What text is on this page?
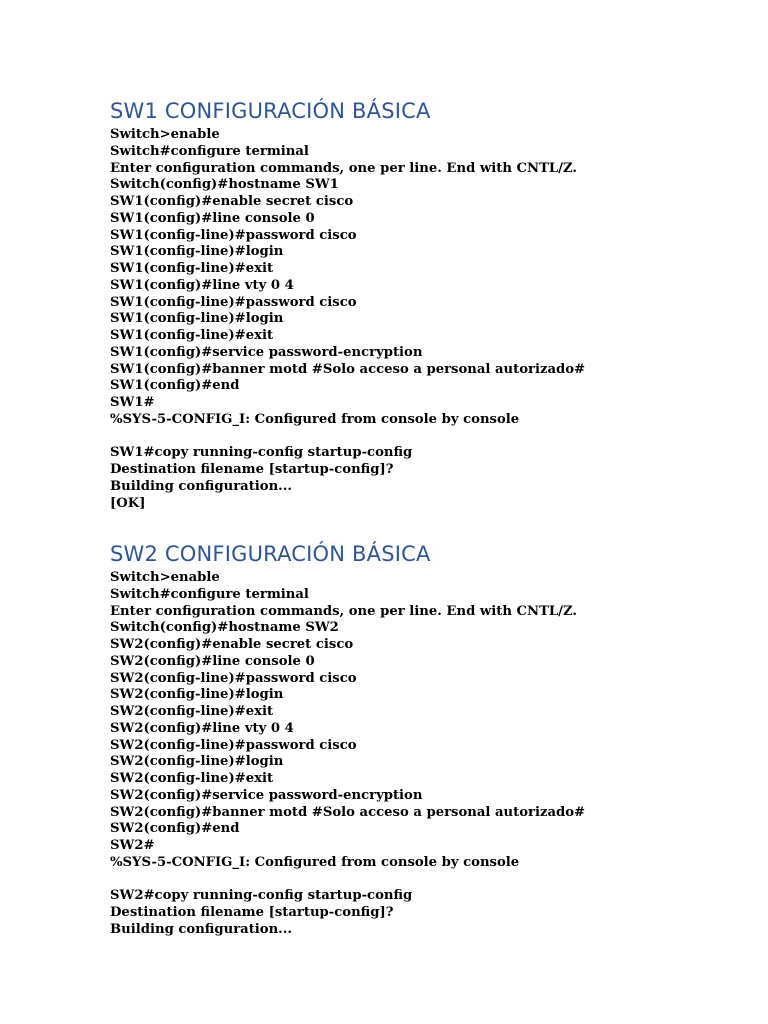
SW1 CONFIGURACIÓN BÁSICA
Switch>enable
Switch#configure terminal
Enter configuration commands, one per line. End with CNTL/Z.
Switch(config)#hostname SW1
SW1(config)#enable secret cisco
SW1(config)#line console 0
SW1(config-line)#password cisco
SW1(config-line)#login
SW1(config-line)#exit
SW1(config)#line vty 0 4
SW1(config-line)#password cisco
SW1(config-line)#login
SW1(config-line)#exit
SW1(config)#service password-encryption
SW1(config)#banner motd #Solo acceso a personal autorizado#
SW1(config)#end
SW1#
%SYS-5-CONFIG_I: Configured from console by console
SW1#copy running-config startup-config
Destination filename [startup-config]?
Building configuration...
[OK]
SW2 CONFIGURACIÓN BÁSICA
Switch>enable
Switch#configure terminal
Enter configuration commands, one per line. End with CNTL/Z.
Switch(config)#hostname SW2
SW2(config)#enable secret cisco
SW2(config)#line console 0
SW2(config-line)#password cisco
SW2(config-line)#login
SW2(config-line)#exit
SW2(config)#line vty 0 4
SW2(config-line)#password cisco
SW2(config-line)#login
SW2(config-line)#exit
SW2(config)#service password-encryption
SW2(config)#banner motd #Solo acceso a personal autorizado#
SW2(config)#end
SW2#
%SYS-5-CONFIG_I: Configured from console by console
SW2#copy running-config startup-config
Destination filename [startup-config]?
Building configuration...
